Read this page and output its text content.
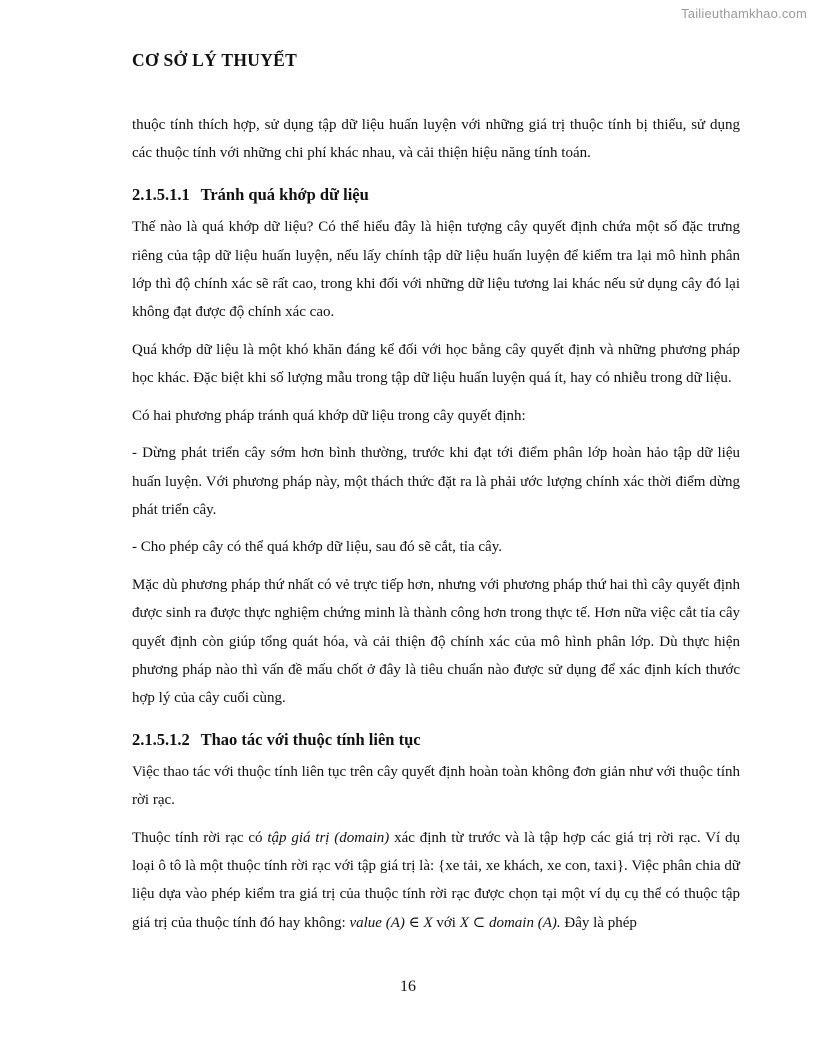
Tailieuthamkhao.com
CƠ SỞ LÝ THUYẾT

thuộc tính thích hợp, sử dụng tập dữ liệu huấn luyện với những giá trị thuộc tính bị thiếu, sử dụng các thuộc tính với những chi phí khác nhau, và cải thiện hiệu năng tính toán.

2.1.5.1.1 Tránh quá khớp dữ liệu

Thế nào là quá khớp dữ liệu? Có thể hiểu đây là hiện tượng cây quyết định chứa một số đặc trưng riêng của tập dữ liệu huấn luyện, nếu lấy chính tập dữ liệu huấn luyện để kiểm tra lại mô hình phân lớp thì độ chính xác sẽ rất cao, trong khi đối với những dữ liệu tương lai khác nếu sử dụng cây đó lại không đạt được độ chính xác cao.

Quá khớp dữ liệu là một khó khăn đáng kể đối với học bằng cây quyết định và những phương pháp học khác. Đặc biệt khi số lượng mẫu trong tập dữ liệu huấn luyện quá ít, hay có nhiễu trong dữ liệu.

Có hai phương pháp tránh quá khớp dữ liệu trong cây quyết định:

- Dừng phát triển cây sớm hơn bình thường, trước khi đạt tới điểm phân lớp hoàn hảo tập dữ liệu huấn luyện. Với phương pháp này, một thách thức đặt ra là phải ước lượng chính xác thời điểm dừng phát triển cây.

- Cho phép cây có thể quá khớp dữ liệu, sau đó sẽ cắt, tỉa cây.

Mặc dù phương pháp thứ nhất có vẻ trực tiếp hơn, nhưng với phương pháp thứ hai thì cây quyết định được sinh ra được thực nghiệm chứng minh là thành công hơn trong thực tế. Hơn nữa việc cắt tỉa cây quyết định còn giúp tổng quát hóa, và cải thiện độ chính xác của mô hình phân lớp. Dù thực hiện phương pháp nào thì vấn đề mấu chốt ở đây là tiêu chuẩn nào được sử dụng để xác định kích thước hợp lý của cây cuối cùng.

2.1.5.1.2 Thao tác với thuộc tính liên tục

Việc thao tác với thuộc tính liên tục trên cây quyết định hoàn toàn không đơn giản như với thuộc tính rời rạc.

Thuộc tính rời rạc có tập giá trị (domain) xác định từ trước và là tập hợp các giá trị rời rạc. Ví dụ loại ô tô là một thuộc tính rời rạc với tập giá trị là: {xe tải, xe khách, xe con, taxi}. Việc phân chia dữ liệu dựa vào phép kiểm tra giá trị của thuộc tính rời rạc được chọn tại một ví dụ cụ thể có thuộc tập giá trị của thuộc tính đó hay không: value (A) ∈ X với X ⊂ domain (A). Đây là phép

16
